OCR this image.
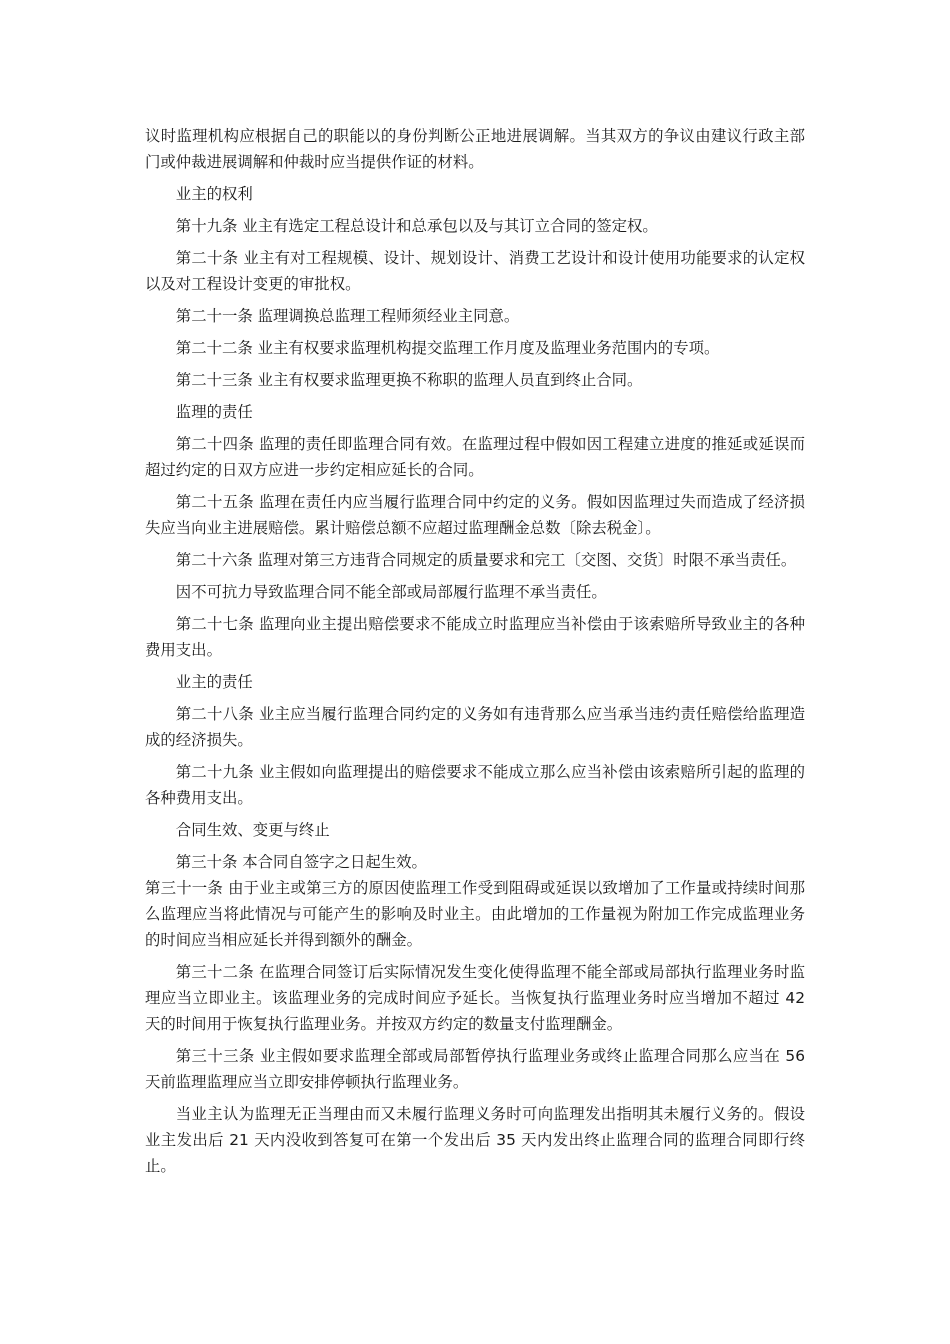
议时监理机构应根据自己的职能以的身份判断公正地进展调解。当其双方的争议由建议行政主部门或仲裁进展调解和仲裁时应当提供作证的材料。

业主的权利

第十九条 业主有选定工程总设计和总承包以及与其订立合同的签定权。

第二十条 业主有对工程规模、设计、规划设计、消费工艺设计和设计使用功能要求的认定权以及对工程设计变更的审批权。

第二十一条 监理调换总监理工程师须经业主同意。

第二十二条 业主有权要求监理机构提交监理工作月度及监理业务范围内的专项。

第二十三条 业主有权要求监理更换不称职的监理人员直到终止合同。

监理的责任

第二十四条 监理的责任即监理合同有效。在监理过程中假如因工程建立进度的推延或延误而超过约定的日双方应进一步约定相应延长的合同。

第二十五条 监理在责任内应当履行监理合同中约定的义务。假如因监理过失而造成了经济损失应当向业主进展赔偿。累计赔偿总额不应超过监理酬金总数〔除去税金〕。

第二十六条 监理对第三方违背合同规定的质量要求和完工〔交图、交货〕时限不承当责任。

因不可抗力导致监理合同不能全部或局部履行监理不承当责任。

第二十七条 监理向业主提出赔偿要求不能成立时监理应当补偿由于该索赔所导致业主的各种费用支出。

业主的责任

第二十八条 业主应当履行监理合同约定的义务如有违背那么应当承当违约责任赔偿给监理造成的经济损失。

第二十九条 业主假如向监理提出的赔偿要求不能成立那么应当补偿由该索赔所引起的监理的各种费用支出。

合同生效、变更与终止

第三十条 本合同自签字之日起生效。

第三十一条 由于业主或第三方的原因使监理工作受到阻碍或延误以致增加了工作量或持续时间那么监理应当将此情况与可能产生的影响及时业主。由此增加的工作量视为附加工作完成监理业务的时间应当相应延长并得到额外的酬金。

第三十二条 在监理合同签订后实际情况发生变化使得监理不能全部或局部执行监理业务时监理应当立即业主。该监理业务的完成时间应予延长。当恢复执行监理业务时应当增加不超过 42 天的时间用于恢复执行监理业务。并按双方约定的数量支付监理酬金。

第三十三条 业主假如要求监理全部或局部暂停执行监理业务或终止监理合同那么应当在 56 天前监理监理应当立即安排停顿执行监理业务。

当业主认为监理无正当理由而又未履行监理义务时可向监理发出指明其未履行义务的。假设业主发出后 21 天内没收到答复可在第一个发出后 35 天内发出终止监理合同的监理合同即行终止。
